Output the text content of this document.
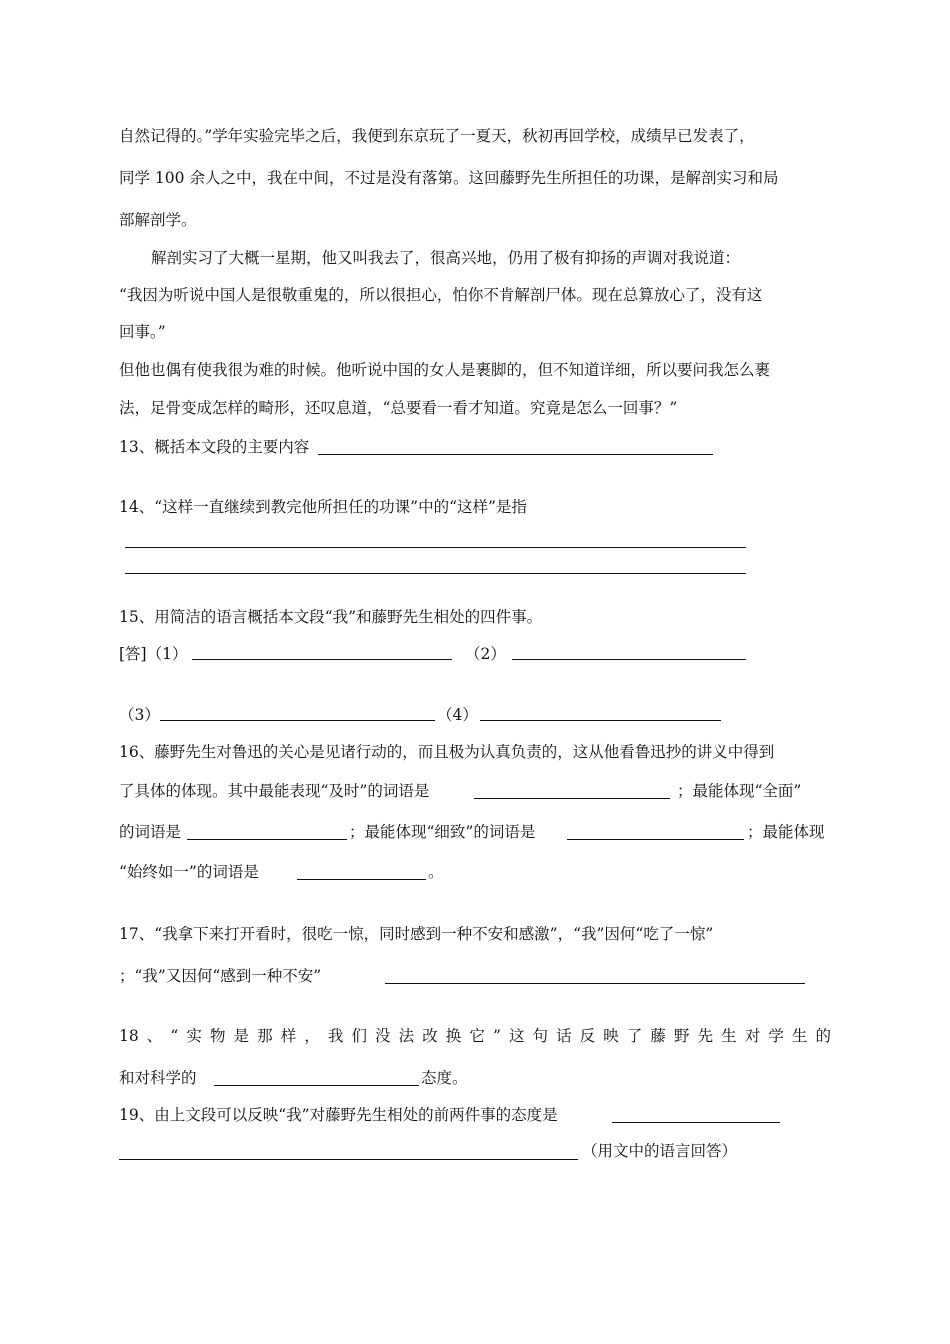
自然记得的。”学年实验完毕之后，我便到东京玩了一夏天，秋初再回学校，成绩早已发表了，
同学 100 余人之中，我在中间，不过是没有落第。这回藤野先生所担任的功课，是解剖实习和局
部解剖学。
解剖实习了大概一星期，他又叫我去了，很高兴地，仍用了极有抑扬的声调对我说道：
“我因为听说中国人是很敬重鬼的，所以很担心，怕你不肯解剖尸体。现在总算放心了，没有这
回事。”
但他也偶有使我很为难的时候。他听说中国的女人是裹脚的，但不知道详细，所以要问我怎么裹
法，足骨变成怎样的畸形，还叹息道，“总要看一看才知道。究竟是怎么一回事？”
13、概括本文段的主要内容
14、“这样一直继续到教完他所担任的功课”中的“这样”是指
15、用简洁的语言概括本文段“我”和藤野先生相处的四件事。
[答]（1）	（2）
（3）	（4）
16、藤野先生对鲁迅的关心是见诸行动的，而且极为认真负责的，这从他看鲁迅抄的讲义中得到
了具体的体现。其中最能表现“及时”的词语是	；最能体现“全面”
的词语是	；最能体现“细致”的词语是	；最能体现
“始终如一”的词语是	。
17、“我拿下来打开看时，很吃一惊，同时感到一种不安和感激”，“我”因何“吃了一惊”
；“我”又因何“感到一种不安”
18、“实物是那样，我们没法改换它”这句话反映了藤野先生对学生的
和对科学的	态度。
19、由上文段可以反映“我”对藤野先生相处的前两件事的态度是
（用文中的语言回答）
